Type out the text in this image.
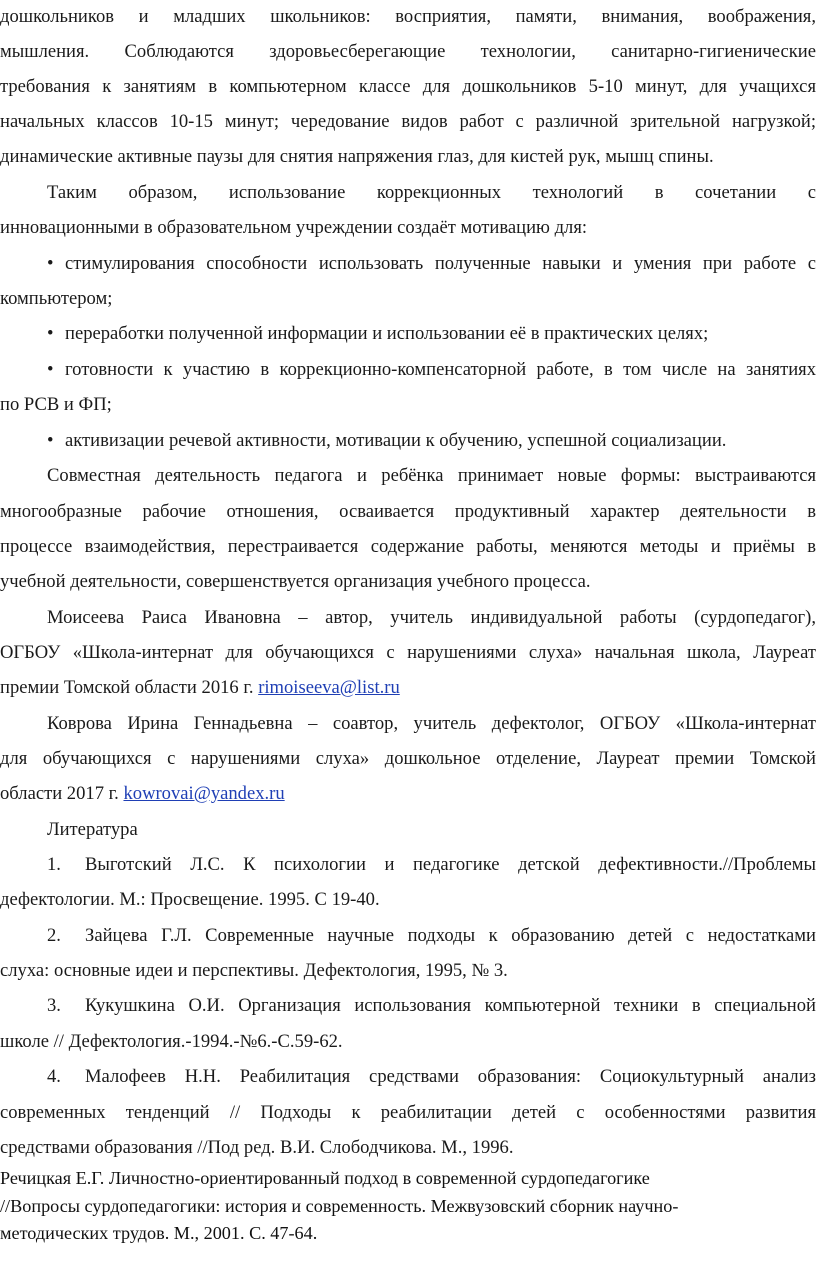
дошкольников и младших школьников: восприятия, памяти, внимания, воображения,
мышления. Соблюдаются здоровьесберегающие технологии, санитарно-гигиенические
требования к занятиям в компьютерном классе для дошкольников 5-10 минут, для учащихся
начальных классов 10-15 минут; чередование видов работ с различной зрительной нагрузкой;
динамические активные паузы для снятия напряжения глаз, для кистей рук, мышц спины.
Таким образом, использование коррекционных технологий в сочетании с
инновационными в образовательном учреждении создаёт мотивацию для:
• стимулирования способности использовать полученные навыки и умения при работе с
компьютером;
• переработки полученной информации и использовании её в практических целях;
• готовности к участию в коррекционно-компенсаторной работе, в том числе на занятиях
по РСВ и ФП;
• активизации речевой активности, мотивации к обучению, успешной социализации.
Совместная деятельность педагога и ребёнка принимает новые формы: выстраиваются
многообразные рабочие отношения, осваивается продуктивный характер деятельности в
процессе взаимодействия, перестраивается содержание работы, меняются методы и приёмы в
учебной деятельности, совершенствуется организация учебного процесса.
Моисеева Раиса Ивановна – автор, учитель индивидуальной работы (сурдопедагог),
ОГБОУ «Школа-интернат для обучающихся с нарушениями слуха» начальная школа, Лауреат
премии Томской области 2016 г. rimoiseeva@list.ru
Коврова Ирина Геннадьевна – соавтор, учитель дефектолог, ОГБОУ «Школа-интернат
для обучающихся с нарушениями слуха» дошкольное отделение, Лауреат премии Томской
области 2017 г. kowrovai@yandex.ru
Литература
1. Выготский Л.С. К психологии и педагогике детской дефективности.//Проблемы
дефектологии. М.: Просвещение. 1995. С 19-40.
2. Зайцева Г.Л. Современные научные подходы к образованию детей с недостатками
слуха: основные идеи и перспективы. Дефектология, 1995, № 3.
3. Кукушкина О.И. Организация использования компьютерной техники в специальной
школе // Дефектология.-1994.-№6.-С.59-62.
4. Малофеев Н.Н. Реабилитация средствами образования: Социокультурный анализ
современных тенденций // Подходы к реабилитации детей с особенностями развития
средствами образования //Под ред. В.И. Слободчикова. М., 1996.
Речицкая Е.Г. Личностно-ориентированный подход в современной сурдопедагогике
//Вопросы сурдопедагогики: история и современность. Межвузовский сборник научно-
методических трудов. М., 2001. С. 47-64.
